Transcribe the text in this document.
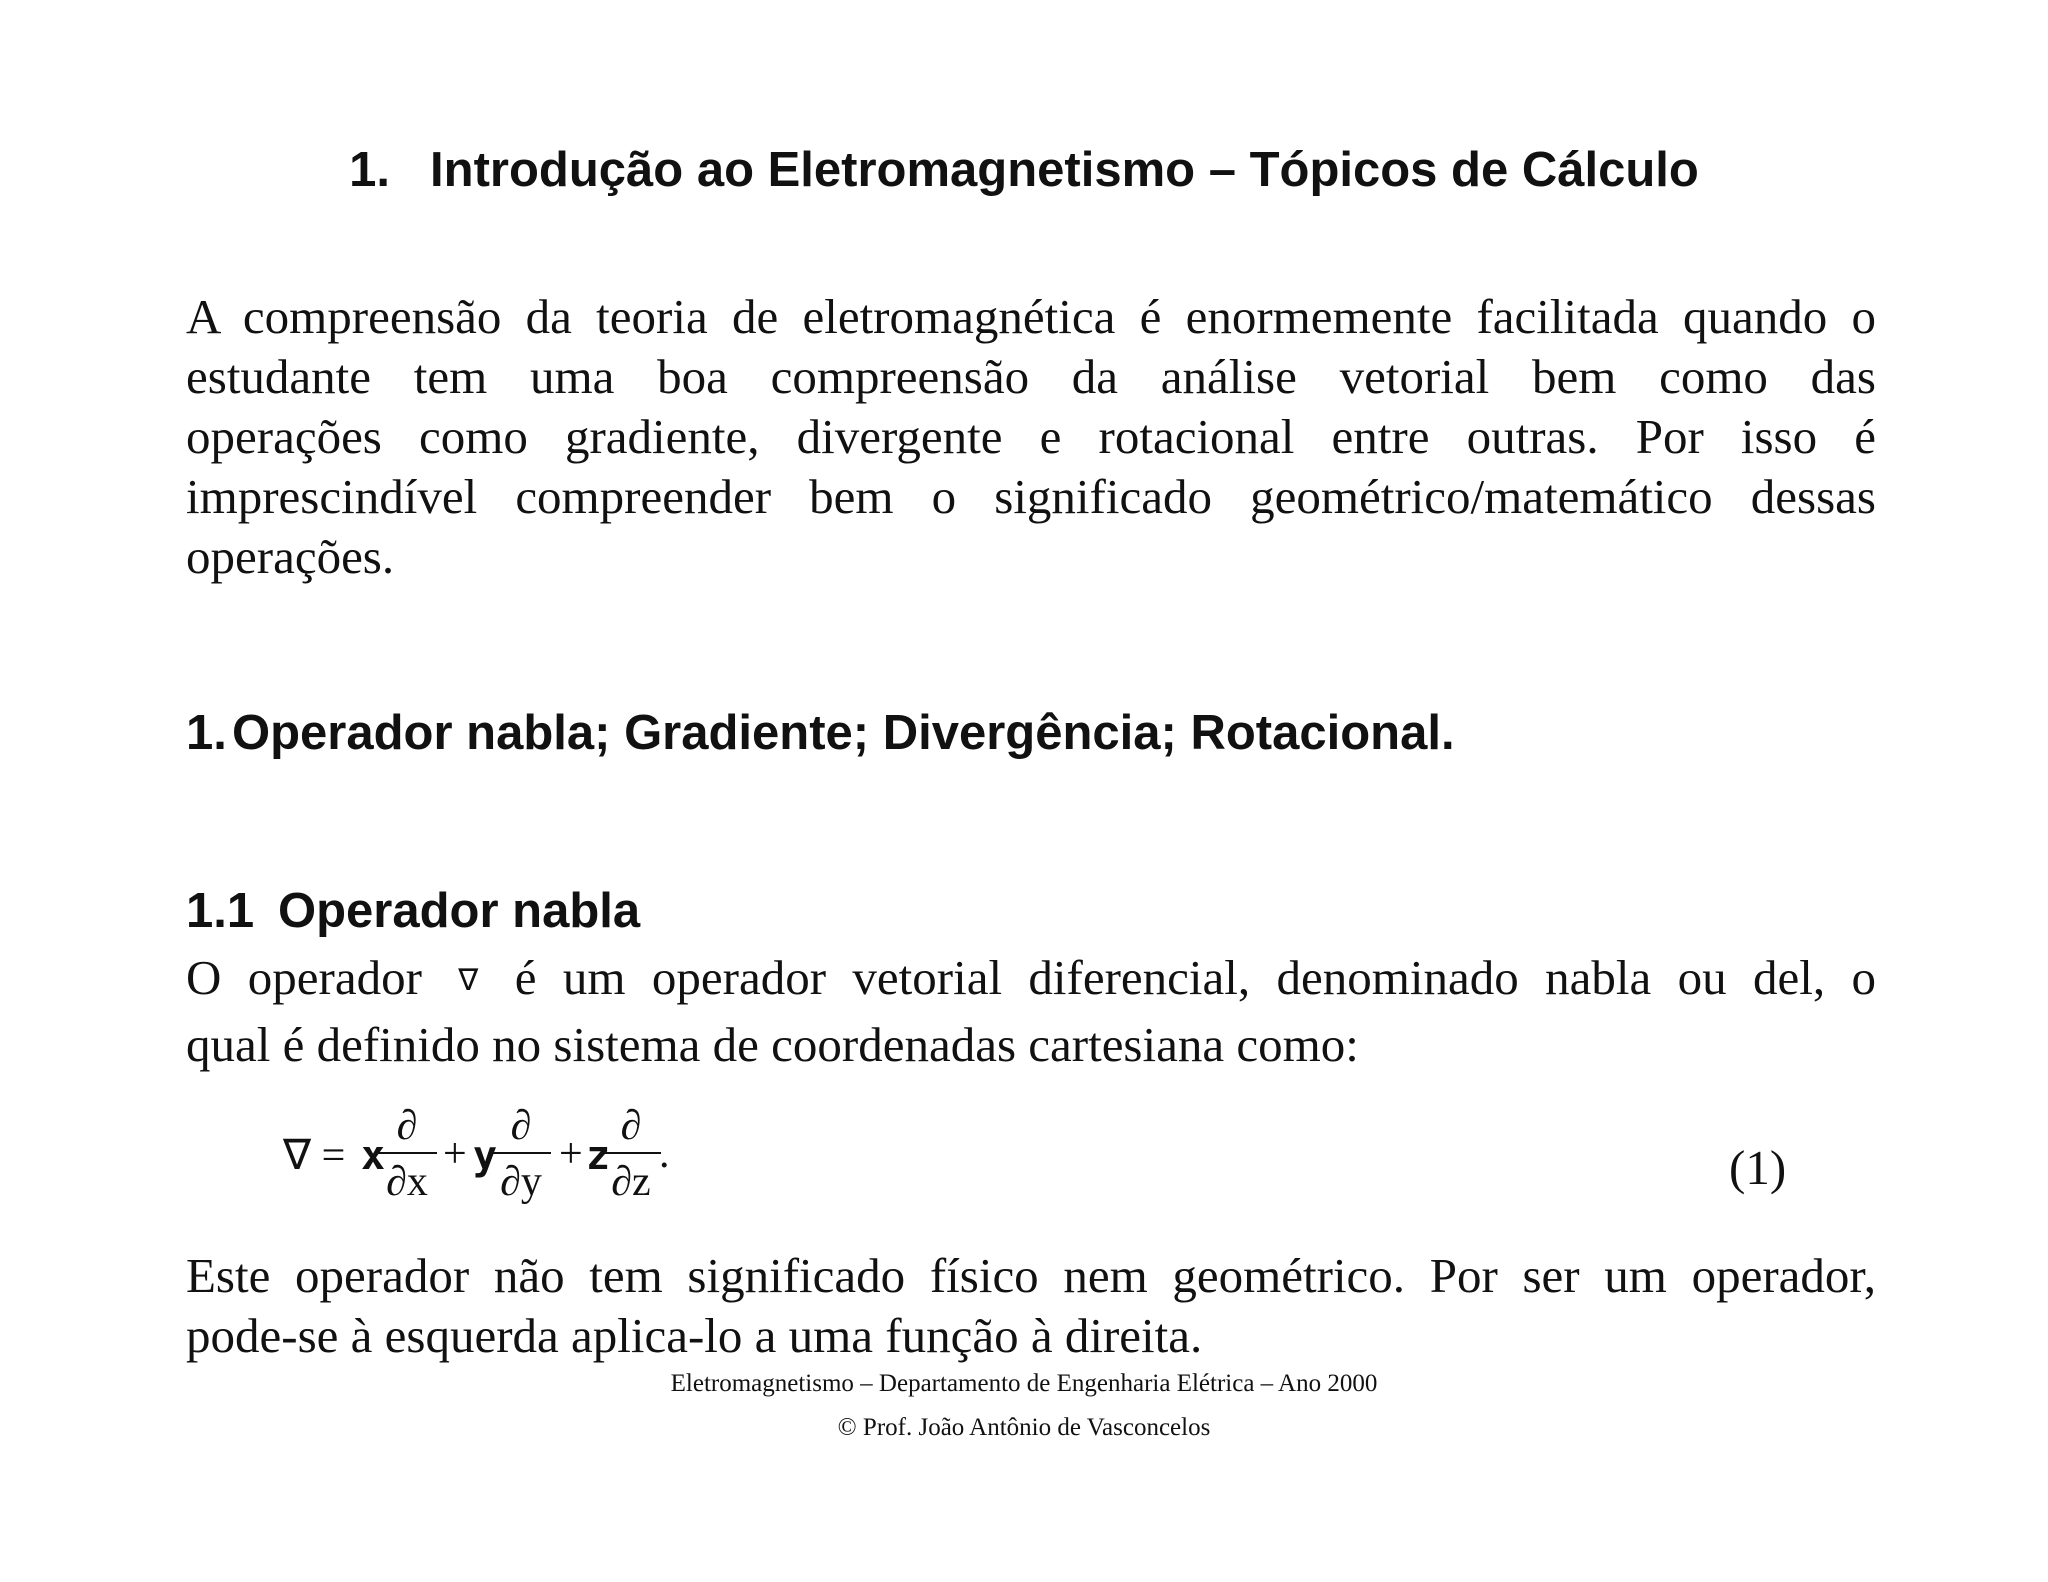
1. Introdução ao Eletromagnetismo – Tópicos de Cálculo
A compreensão da teoria de eletromagnética é enormemente facilitada quando o
estudante tem uma boa compreensão da análise vetorial bem como das
operações como gradiente, divergente e rotacional entre outras. Por isso é
imprescindível compreender bem o significado geométrico/matemático dessas
operações.
1. Operador nabla; Gradiente; Divergência; Rotacional.
1.1 Operador nabla
O operador ∇ é um operador vetorial diferencial, denominado nabla ou del, o
qual é definido no sistema de coordenadas cartesiana como:
∇ = x
∂
∂x
+ y
∂
∂y
+ z
∂
∂z
.	(1)
Este operador não tem significado físico nem geométrico. Por ser um operador,
pode-se à esquerda aplica-lo a uma função à direita.
Eletromagnetismo – Departamento de Engenharia Elétrica – Ano 2000
© Prof. João Antônio de Vasconcelos
